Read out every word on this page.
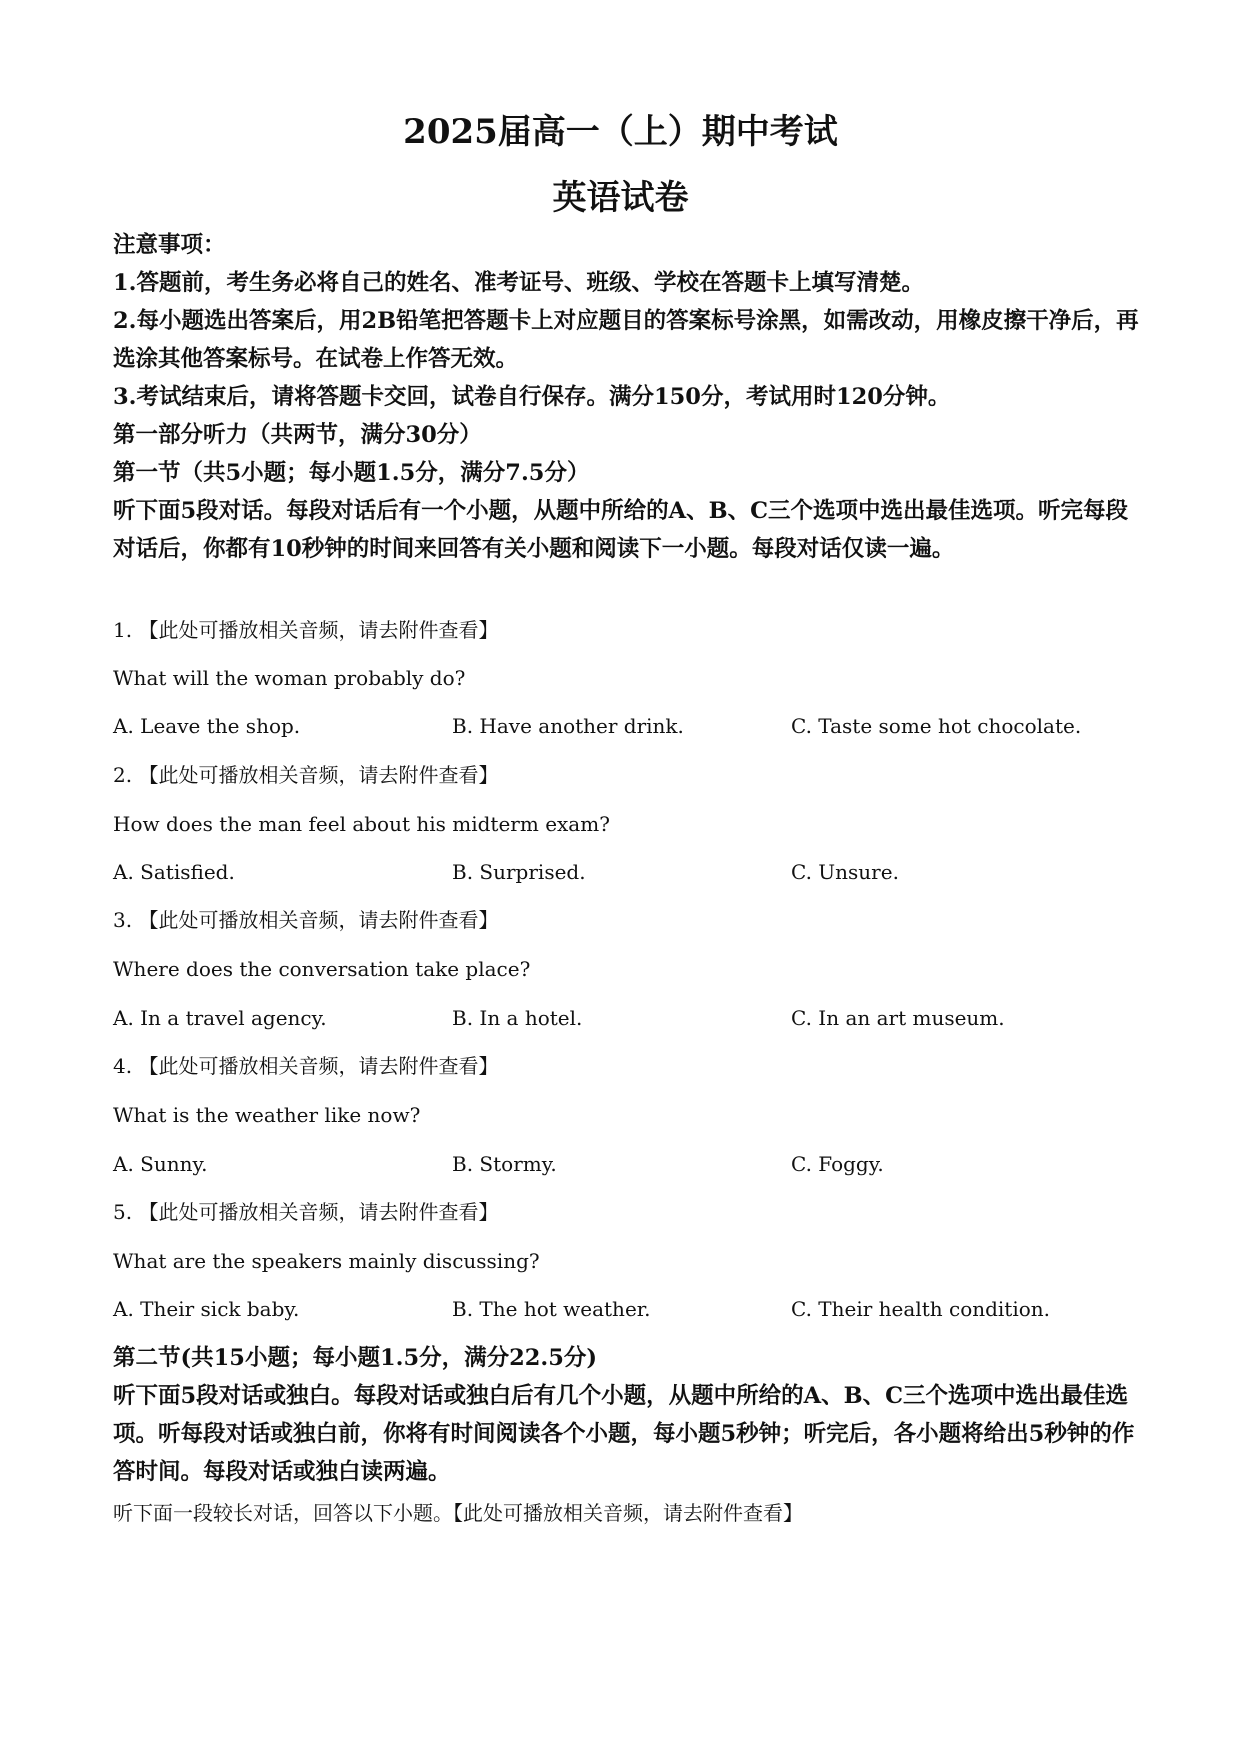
2025届高一（上）期中考试
英语试卷
注意事项：
1.答题前，考生务必将自己的姓名、准考证号、班级、学校在答题卡上填写清楚。
2.每小题选出答案后，用2B铅笔把答题卡上对应题目的答案标号涂黑，如需改动，用橡皮擦干净后，再选涂其他答案标号。在试卷上作答无效。
3.考试结束后，请将答题卡交回，试卷自行保存。满分150分，考试用时120分钟。
第一部分听力（共两节，满分30分）
第一节（共5小题；每小题1.5分，满分7.5分）
听下面5段对话。每段对话后有一个小题，从题中所给的A、B、C三个选项中选出最佳选项。听完每段对话后，你都有10秒钟的时间来回答有关小题和阅读下一小题。每段对话仅读一遍。
1. 【此处可播放相关音频，请去附件查看】
What will the woman probably do?
A. Leave the shop.	B. Have another drink.	C. Taste some hot chocolate.
2. 【此处可播放相关音频，请去附件查看】
How does the man feel about his midterm exam?
A. Satisfied.	B. Surprised.	C. Unsure.
3. 【此处可播放相关音频，请去附件查看】
Where does the conversation take place?
A. In a travel agency.	B. In a hotel.	C. In an art museum.
4. 【此处可播放相关音频，请去附件查看】
What is the weather like now?
A. Sunny.	B. Stormy.	C. Foggy.
5. 【此处可播放相关音频，请去附件查看】
What are the speakers mainly discussing?
A. Their sick baby.	B. The hot weather.	C. Their health condition.
第二节(共15小题；每小题1.5分，满分22.5分)
听下面5段对话或独白。每段对话或独白后有几个小题，从题中所给的A、B、C三个选项中选出最佳选项。听每段对话或独白前，你将有时间阅读各个小题，每小题5秒钟；听完后，各小题将给出5秒钟的作答时间。每段对话或独白读两遍。
听下面一段较长对话，回答以下小题。【此处可播放相关音频，请去附件查看】
